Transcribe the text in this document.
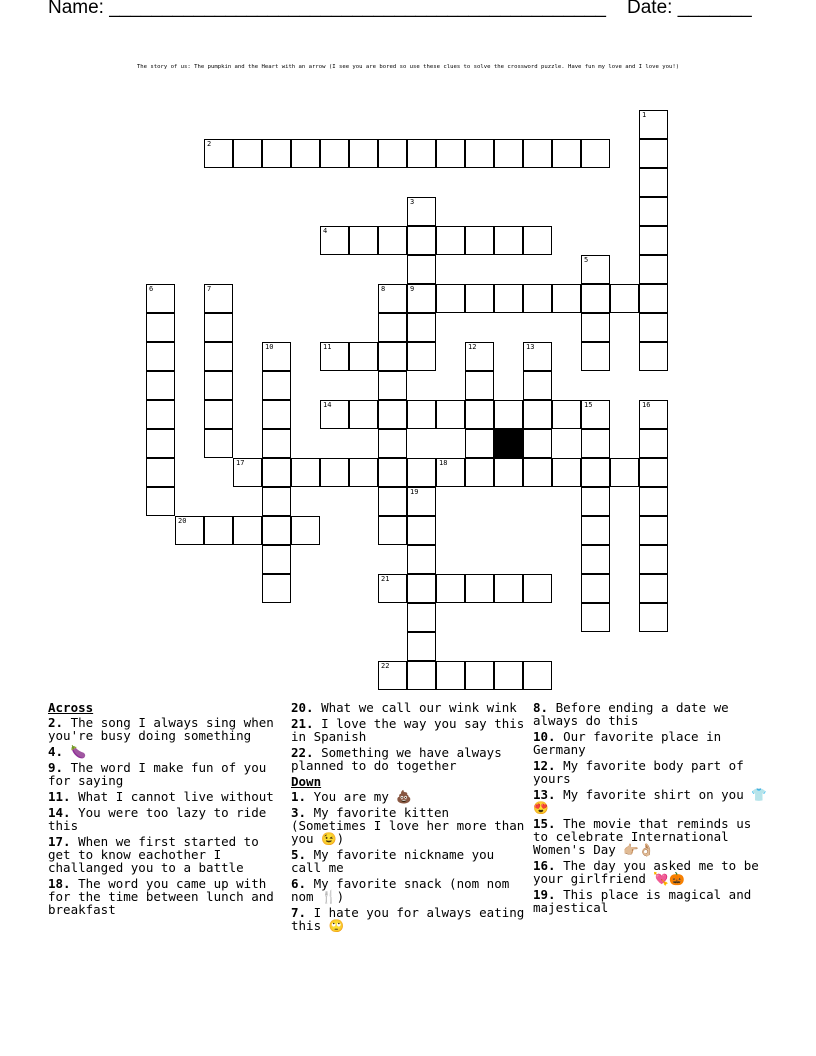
Name: _______________________________________________ Date: _______
The story of us: The pumpkin and the Heart with an arrow (I see you are bored so use these clues to solve the crossword puzzle. Have fun my love and I love you!)
1
2
3
9
4
5
6	7	8
10	11	12	13
14	15	16
17	18
19
20
21
22
Across
2. The song I always sing when you're busy doing something
4. 🍆
9. The word I make fun of you for saying
11. What I cannot live without
14. You were too lazy to ride this
17. When we first started to get to know eachother I challanged you to a battle
18. The word you came up with for the time between lunch and breakfast
20. What we call our wink wink
21. I love the way you say this in Spanish
22. Something we have always planned to do together
Down
1. You are my 💩
3. My favorite kitten (Sometimes I love her more than you 😉)
5. My favorite nickname you call me
6. My favorite snack (nom nom nom 🍴)
7. I hate you for always eating this 🙄
8. Before ending a date we always do this
10. Our favorite place in Germany
12. My favorite body part of yours
13. My favorite shirt on you 👕😍
15. The movie that reminds us to celebrate International Women's Day 👉🏼👌🏼
16. The day you asked me to be your girlfriend 💘🎃
19. This place is magical and majestical
